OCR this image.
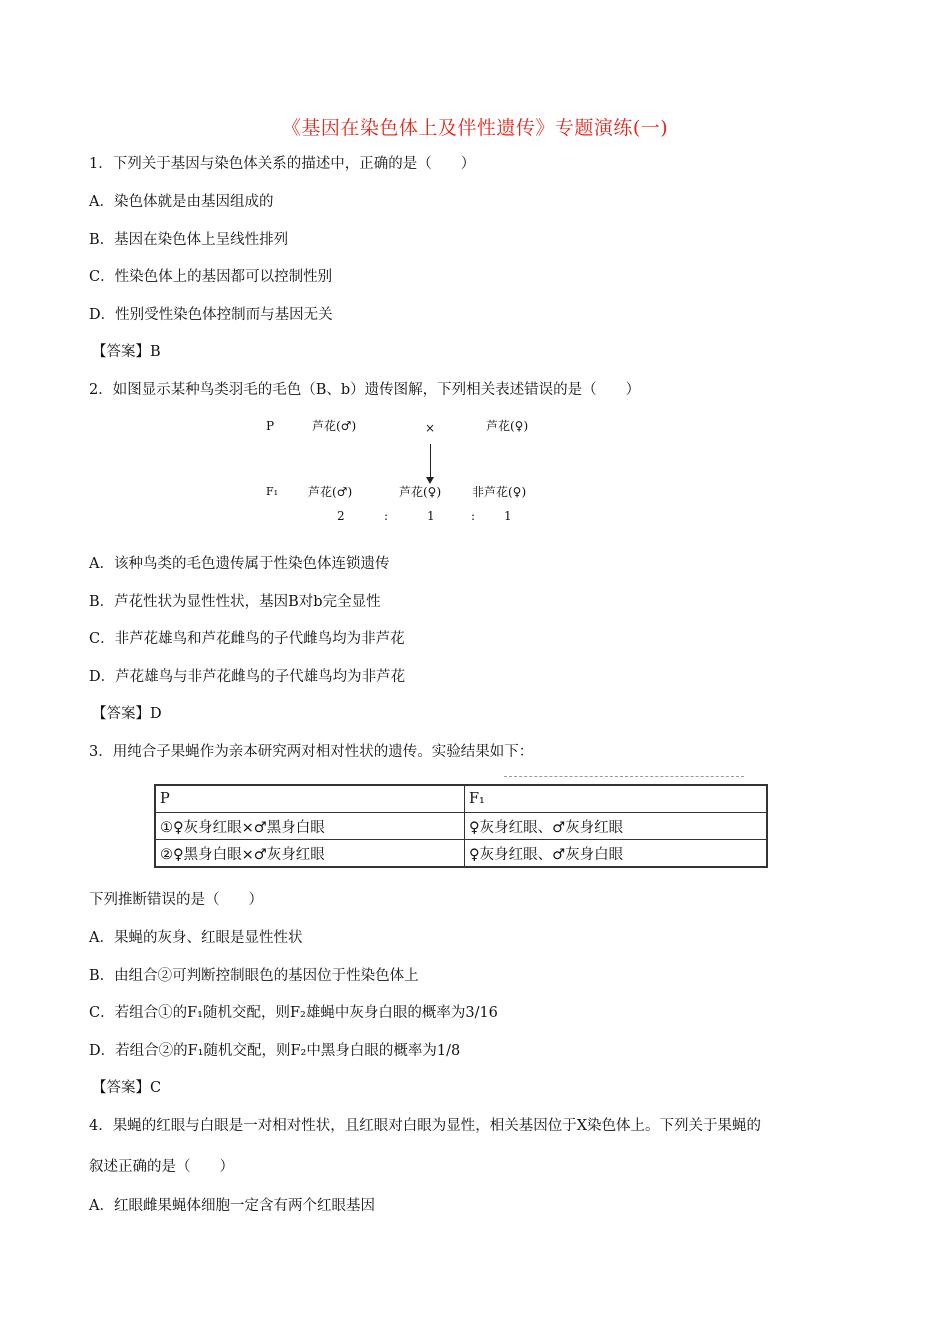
《基因在染色体上及伴性遗传》专题演练(一)
1．下列关于基因与染色体关系的描述中，正确的是（　　）
A．染色体就是由基因组成的
B．基因在染色体上呈线性排列
C．性染色体上的基因都可以控制性别
D．性别受性染色体控制而与基因无关
【答案】B
2．如图显示某种鸟类羽毛的毛色（B、b）遗传图解，下列相关表述错误的是（　　）
P	芦花(♂)	×	芦花(♀)
F₁ 芦花(♂)	芦花(♀)	非芦花(♀)
2	:	1	: 1
A．该种鸟类的毛色遗传属于性染色体连锁遗传
B．芦花性状为显性性状，基因B对b完全显性
C．非芦花雄鸟和芦花雌鸟的子代雌鸟均为非芦花
D．芦花雄鸟与非芦花雌鸟的子代雄鸟均为非芦花
【答案】D
3．用纯合子果蝇作为亲本研究两对相对性状的遗传。实验结果如下：
P	F₁
①♀灰身红眼×♂黑身白眼	♀灰身红眼、♂灰身红眼
②♀黑身白眼×♂灰身红眼	♀灰身红眼、♂灰身白眼
下列推断错误的是（　　）
A．果蝇的灰身、红眼是显性性状
B．由组合②可判断控制眼色的基因位于性染色体上
C．若组合①的F₁随机交配，则F₂雄蝇中灰身白眼的概率为3/16
D．若组合②的F₁随机交配，则F₂中黑身白眼的概率为1/8
【答案】C
4．果蝇的红眼与白眼是一对相对性状，且红眼对白眼为显性，相关基因位于X染色体上。下列关于果蝇的
叙述正确的是（　　）
A．红眼雌果蝇体细胞一定含有两个红眼基因
